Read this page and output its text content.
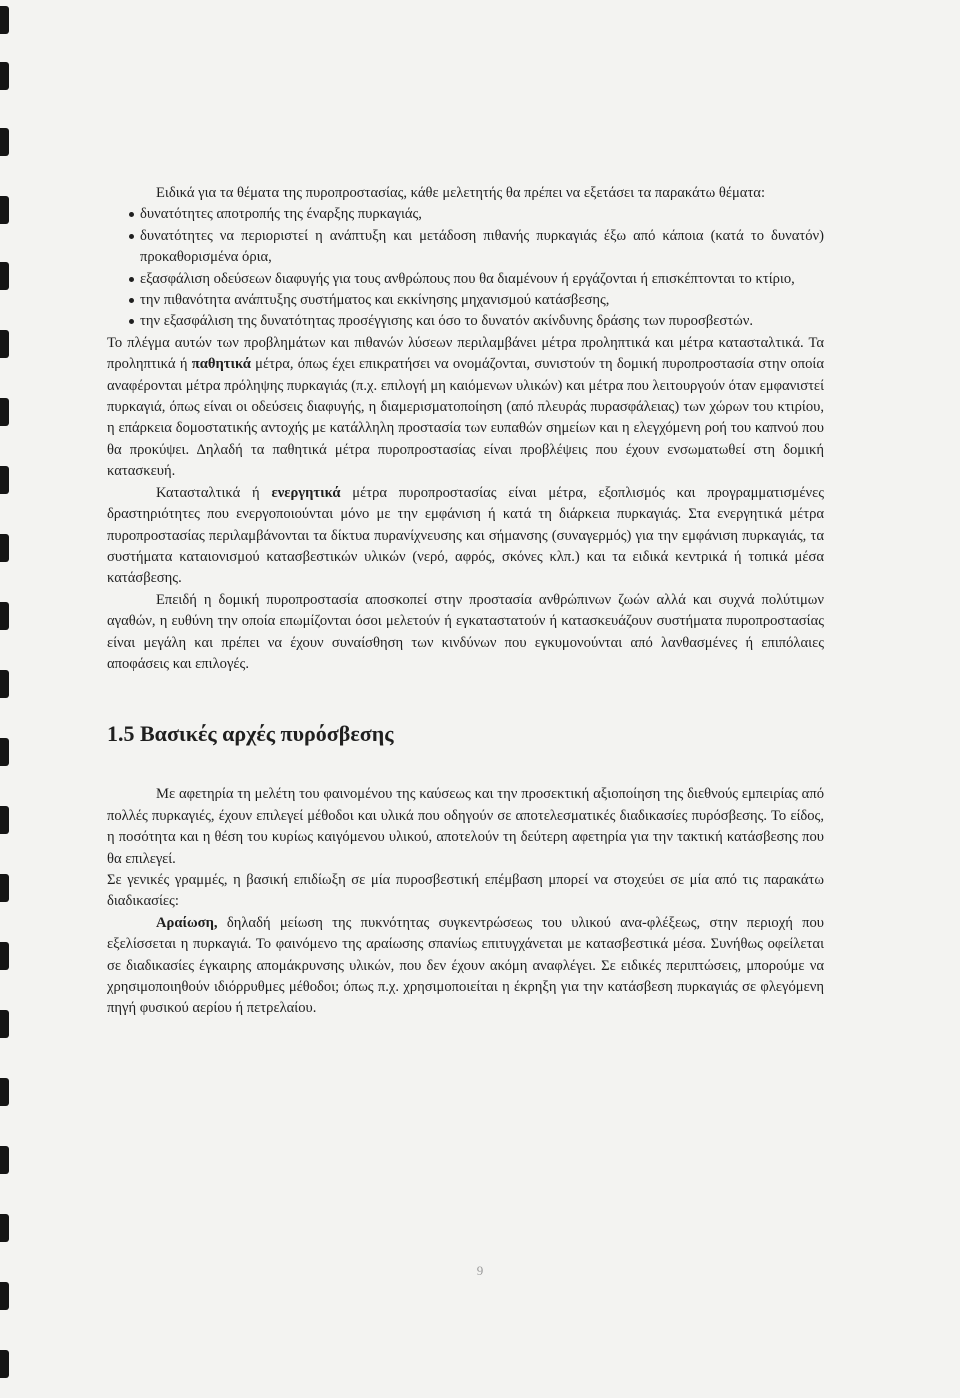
Ειδικά για τα θέματα της πυροπροστασίας, κάθε μελετητής θα πρέπει να εξετάσει τα παρακάτω θέματα:

δυνατότητες αποτροπής της έναρξης πυρκαγιάς,
δυνατότητες να περιοριστεί η ανάπτυξη και μετάδοση πιθανής πυρκαγιάς έξω από κάποια (κατά το δυνατόν) προκαθορισμένα όρια,
εξασφάλιση οδεύσεων διαφυγής για τους ανθρώπους που θα διαμένουν ή εργάζονται ή επισκέπτονται το κτίριο,
την πιθανότητα ανάπτυξης συστήματος και εκκίνησης μηχανισμού κατάσβεσης,
την εξασφάλιση της δυνατότητας προσέγγισης και όσο το δυνατόν ακίνδυνης δράσης των πυροσβεστών.

Το πλέγμα αυτών των προβλημάτων και πιθανών λύσεων περιλαμβάνει μέτρα προληπτικά και μέτρα κατασταλτικά. Τα προληπτικά ή παθητικά μέτρα, όπως έχει επικρατήσει να ονομάζονται, συνιστούν τη δομική πυροπροστασία στην οποία αναφέρονται μέτρα πρόληψης πυρκαγιάς (π.χ. επιλογή μη καιόμενων υλικών) και μέτρα που λειτουργούν όταν εμφανιστεί πυρκαγιά, όπως είναι οι οδεύσεις διαφυγής, η διαμερισματοποίηση (από πλευράς πυρασφάλειας) των χώρων του κτιρίου, η επάρκεια δομοστατικής αντοχής με κατάλληλη προστασία των ευπαθών σημείων και η ελεγχόμενη ροή του καπνού που θα προκύψει. Δηλαδή τα παθητικά μέτρα πυροπροστασίας είναι προβλέψεις που έχουν ενσωματωθεί στη δομική κατασκευή.

Κατασταλτικά ή ενεργητικά μέτρα πυροπροστασίας είναι μέτρα, εξοπλισμός και προγραμματισμένες δραστηριότητες που ενεργοποιούνται μόνο με την εμφάνιση ή κατά τη διάρκεια πυρκαγιάς. Στα ενεργητικά μέτρα πυροπροστασίας περιλαμβάνονται τα δίκτυα πυρανίχνευσης και σήμανσης (συναγερμός) για την εμφάνιση πυρκαγιάς, τα συστήματα καταιονισμού κατασβεστικών υλικών (νερό, αφρός, σκόνες κλπ.) και τα ειδικά κεντρικά ή τοπικά μέσα κατάσβεσης.

Επειδή η δομική πυροπροστασία αποσκοπεί στην προστασία ανθρώπινων ζωών αλλά και συχνά πολύτιμων αγαθών, η ευθύνη την οποία επωμίζονται όσοι μελετούν ή εγκαταστατούν ή κατασκευάζουν συστήματα πυροπροστασίας είναι μεγάλη και πρέπει να έχουν συναίσθηση των κινδύνων που εγκυμονούνται από λανθασμένες ή επιπόλαιες αποφάσεις και επιλογές.

1.5 Βασικές αρχές πυρόσβεσης

Με αφετηρία τη μελέτη του φαινομένου της καύσεως και την προσεκτική αξιοποίηση της διεθνούς εμπειρίας από πολλές πυρκαγιές, έχουν επιλεγεί μέθοδοι και υλικά που οδηγούν σε αποτελεσματικές διαδικασίες πυρόσβεσης. Το είδος, η ποσότητα και η θέση του κυρίως καιγόμενου υλικού, αποτελούν τη δεύτερη αφετηρία για την τακτική κατάσβεσης που θα επιλεγεί.

Σε γενικές γραμμές, η βασική επιδίωξη σε μία πυροσβεστική επέμβαση μπορεί να στοχεύει σε μία από τις παρακάτω διαδικασίες:

Αραίωση, δηλαδή μείωση της πυκνότητας συγκεντρώσεως του υλικού ανα-φλέξεως, στην περιοχή που εξελίσσεται η πυρκαγιά. Το φαινόμενο της αραίωσης σπανίως επιτυγχάνεται με κατασβεστικά μέσα. Συνήθως οφείλεται σε διαδικασίες έγκαιρης απομάκρυνσης υλικών, που δεν έχουν ακόμη αναφλέγει. Σε ειδικές περιπτώσεις, μπορούμε να χρησιμοποιηθούν ιδιόρρυθμες μέθοδοι; όπως π.χ. χρησιμοποιείται η έκρηξη για την κατάσβεση πυρκαγιάς σε φλεγόμενη πηγή φυσικού αερίου ή πετρελαίου.

9
